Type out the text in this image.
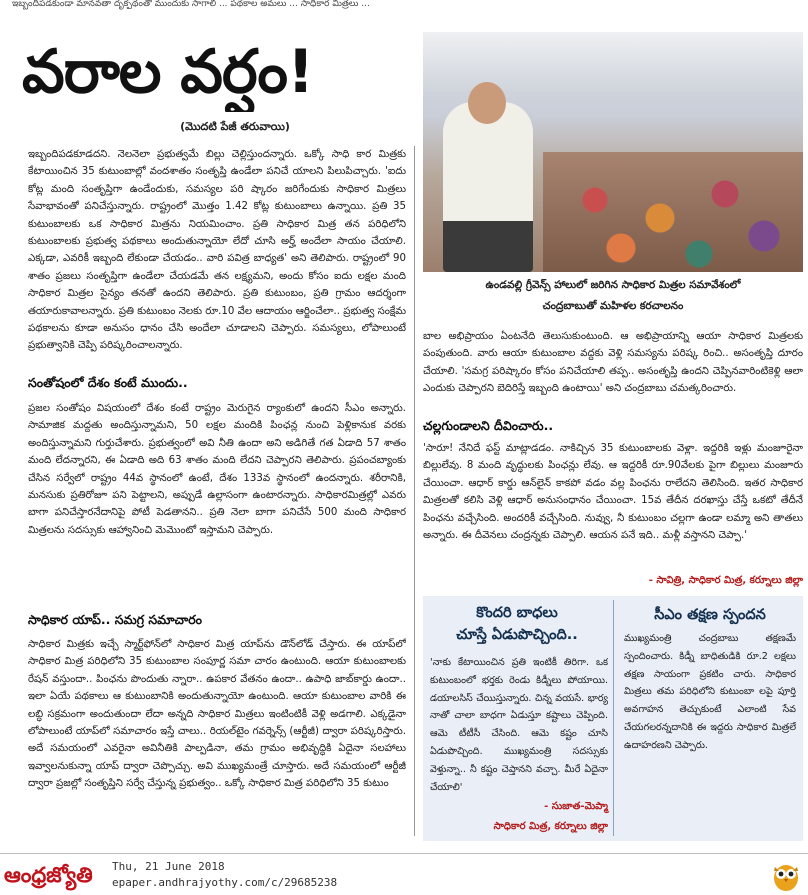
ఇబ్బందిపడకుండా మానవతా దృక్పథంతో ముందుకు సాగాలి ... పథకాల అమలు ... సాధికార మిత్రలు ...
వరాల వర్షం!
(మొదటి పేజీ తరువాయి)
ఉండవల్లి గ్రీవెన్స్ హాలులో జరిగిన సాధికార మిత్రల సమావేశంలో
చంద్రబాబుతో మహిళల కరచాలనం

ఇబ్బందిపడకూడదని. నెలనెలా ప్రభుత్వమే బిల్లు చెల్లిస్తుందన్నారు. ఒక్కో సాధి కార మిత్రకు కేటాయించిన 35 కుటుంబాల్లో వందశాతం సంతృప్తి ఉండేలా పనిచే యాలని పిలుపిచ్చారు. 'ఐదు కోట్ల మంది సంతృప్తిగా ఉండేందుకు, సమస్యల పరి ష్కారం జరిగేందుకు సాధికార మిత్రలు సేవాభావంతో పనిచేస్తున్నారు. రాష్ట్రంలో మొత్తం 1.42 కోట్ల కుటుంబాలు ఉన్నాయి. ప్రతి 35 కుటుంబాలకు ఒక సాధికార మిత్రను నియమించాం. ప్రతి సాధికార మిత్ర తన పరిధిలోని కుటుంబాలకు ప్రభుత్వ పథకాలు అందుతున్నాయో లేదో చూసి అర్హ్ అందేలా సాయం చేయాలి. ఎక్కడా, ఎవరికీ ఇబ్బంది లేకుండా చేయడం.. వారి పవిత్ర బాధ్యత' అని తెలిపారు. రాష్ట్రంలో 90 శాతం ప్రజలు సంతృప్తిగా ఉండేలా చేయడమే తన లక్ష్యమని, అందు కోసం ఐదు లక్షల మంది సాధికార మిత్రల సైన్యం తనతో ఉందని తెలిపారు. ప్రతి కుటుంబం, ప్రతి గ్రామం ఆదర్శంగా తయారుకావాలన్నారు. ప్రతి కుటుంబం నెలకు రూ.10 వేల ఆదాయం ఆర్జించేలా.. ప్రభుత్వ సంక్షేమ పథకాలను కూడా అనుసం ధానం చేసి అందేలా చూడాలని చెప్పారు. సమస్యలు, లోపాలుంటే ప్రభుత్వానికి చెప్పి పరిష్కరించాలన్నారు.

సంతోషంలో దేశం కంటే ముందు..

ప్రజల సంతోషం విషయంలో దేశం కంటే రాష్ట్రం మెరుగైన ర్యాంకులో ఉందని సీఎం అన్నారు. సామాజిక మద్దతు అందిస్తున్నామని, 50 లక్షల మందికి పింఛన్ల నుంచి పెళ్లికానుక వరకు అందిస్తున్నామని గుర్తుచేశారు. ప్రభుత్వంలో అవి నీతి ఉందా అని అడిగితే గత ఏడాది 57 శాతం మంది లేదన్నారని, ఈ ఏడాది అది 63 శాతం మంది లేదని చెప్పారని తెలిపారు. ప్రపంచబ్యాంకు చేసిన సర్వేలో రాష్ట్రం 44వ స్థానంలో ఉంటే, దేశం 133వ స్థానంలో ఉందన్నారు. శరీరానికి, మనసుకు ప్రతిరోజూ పని పెట్టాలని, అప్పుడే ఉల్లాసంగా ఉంటారన్నారు. సాధికారమిత్రల్లో ఎవరు బాగా పనిచేస్తారనేదానిపై పోటీ పెడతానని.. ప్రతి నెలా బాగా పనిచేసే 500 మంది సాధికార మిత్రలను సదస్సుకు ఆహ్వానించి మెమొంటో ఇస్తామని చెప్పారు.

సాధికార యాప్.. సమగ్ర సమాచారం

సాధికార మిత్రకు ఇచ్చే స్మార్ట్‌ఫోన్‌లో సాధికార మిత్ర యాప్‌ను డౌన్‌లోడ్ చేస్తారు. ఈ యాప్‌లో సాధికార మిత్ర పరిధిలోని 35 కుటుంబాల సంపూర్ణ సమా చారం ఉంటుంది. ఆయా కుటుంబాలకు రేషన్ వస్తుందా.. పింఛను పొందుతు న్నారా.. ఉపకార వేతనం ఉందా.. ఉపాధి జాబ్‌కార్డు ఉందా.. ఇలా ఏయే పథకాలు ఆ కుటుంబానికి అందుతున్నాయో ఉంటుంది. ఆయా కుటుంబాల వారికి ఈ లబ్ధి సక్రమంగా అందుతుందా లేదా అన్నది సాధికార మిత్రలు ఇంటింటికీ వెళ్లి అడగాలి. ఎక్కడైనా లోపాలుంటే యాప్‌లో సమాచారం ఇస్తే చాలు.. రియల్‌టైం గవర్నెన్స్ (ఆర్టీజీ) ద్వారా పరిష్కరిస్తారు. అదే సమయంలో ఎవరైనా అవినీతికి పాల్పడినా, తమ గ్రామం అభివృద్ధికి ఏదైనా సలహాలు ఇవ్వాలనుకున్నా యాప్ ద్వారా చెప్పొచ్చు. అవి ముఖ్యమంత్రే చూస్తారు. అదే సమయంలో ఆర్టీజీ ద్వారా ప్రజల్లో సంతృప్తిని సర్వే చేస్తున్న ప్రభుత్వం.. ఒక్కో సాధికార మిత్ర పరిధిలోని 35 కుటుం

బాల అభిప్రాయం ఏంటనేది తెలుసుకుంటుంది. ఆ అభిప్రాయాన్ని ఆయా సాధికార మిత్రలకు పంపుతుంది. వారు ఆయా కుటుంబాల వద్దకు వెళ్లి సమస్యను పరిష్క రించి.. అసంతృప్తి దూరం చేయాలి. 'సమగ్ర పరిష్కారం కోసం పనిచేయాలి తప్ప.. అసంతృప్తి ఉందని చెప్పినవారింటికెళ్లి ఆలా ఎందుకు చెప్పారని బెదిరిస్తే ఇబ్బంది ఉంటాయి' అని చంద్రబాబు చమత్కరించారు.

చల్లగుండాలని దీవించారు..

'సారూ! నేనిదే ఫస్ట్ మాట్లాడడం. నాకిచ్చిన 35 కుటుంబాలకు వెళ్లా. ఇద్దరికి ఇళ్లు మంజూరైనా బిల్లులేవు. 8 మంది వృద్ధులకు పింఛన్లు లేవు. ఆ ఇద్దరికీ రూ.90వేలకు పైగా బిల్లులు మంజూరు చేయించా. ఆధార్ కార్డు ఆన్‌లైన్ కాకపో వడం వల్ల పింఛను రాలేదని తెలిసింది. ఇతర సాధికార మిత్రలతో కలిసి వెళ్లి ఆధార్ అనుసంధానం చేయించా. 15వ తేదీన దరఖాస్తు చేస్తే ఒకటో తేదీనే పింఛను వచ్చేసింది. అందరికీ వచ్చేసింది. నువ్వు, నీ కుటుంబం చల్లగా ఉండా లమ్మా అని తాతలు అన్నారు. ఈ దీవెనలు చంద్రన్నకు చెప్పాలి. ఆయన పనే ఇది.. మళ్లీ వస్తానని చెప్పా.'

- సావిత్రి, సాధికార మిత్ర, కర్నూలు జిల్లా
కొందరి బాధలు
చూస్తే ఏడుపొచ్చింది..

'నాకు కేటాయించిన ప్రతి ఇంటికీ తిరిగా. ఒక కుటుంబంలో భర్తకు రెండు కిడ్నీలు పోయాయి. డయాలసిస్ చేయిస్తున్నారు. చిన్న వయసే. భార్య నాతో చాలా బాధగా ఏడుస్తూ కష్టాలు చెప్పింది. ఆమె టీటీసీ చేసింది. ఆమె కష్టం చూసి ఏడుపొచ్చింది. ముఖ్యమంత్రి సదస్సుకు వెళ్తున్నా.. నీ కష్టం చెప్తానని వచ్చా. మీరే ఏదైనా చేయాలి'

- సుజాత-మెప్మా
సాధికార మిత్ర, కర్నూలు జిల్లా
సీఎం తక్షణ స్పందన

ముఖ్యమంత్రి చంద్రబాబు తక్షణమే స్పందించారు. కిడ్నీ బాధితుడికి రూ.2 లక్షలు తక్షణ సాయంగా ప్రకటిం చారు. సాధికార మిత్రలు తమ పరిధిలోని కుటుంబా లపై పూర్తి అవగాహన తెచ్చుకుంటే ఎలాంటి సేవ చేయగలరన్నదానికి ఈ ఇద్దరు సాధికార మిత్రలే ఉదాహరణని చెప్పారు.

ఆంధ్రజ్యోతి	Thu, 21 June 2018
epaper.andhrajyothy.com/c/29685238
